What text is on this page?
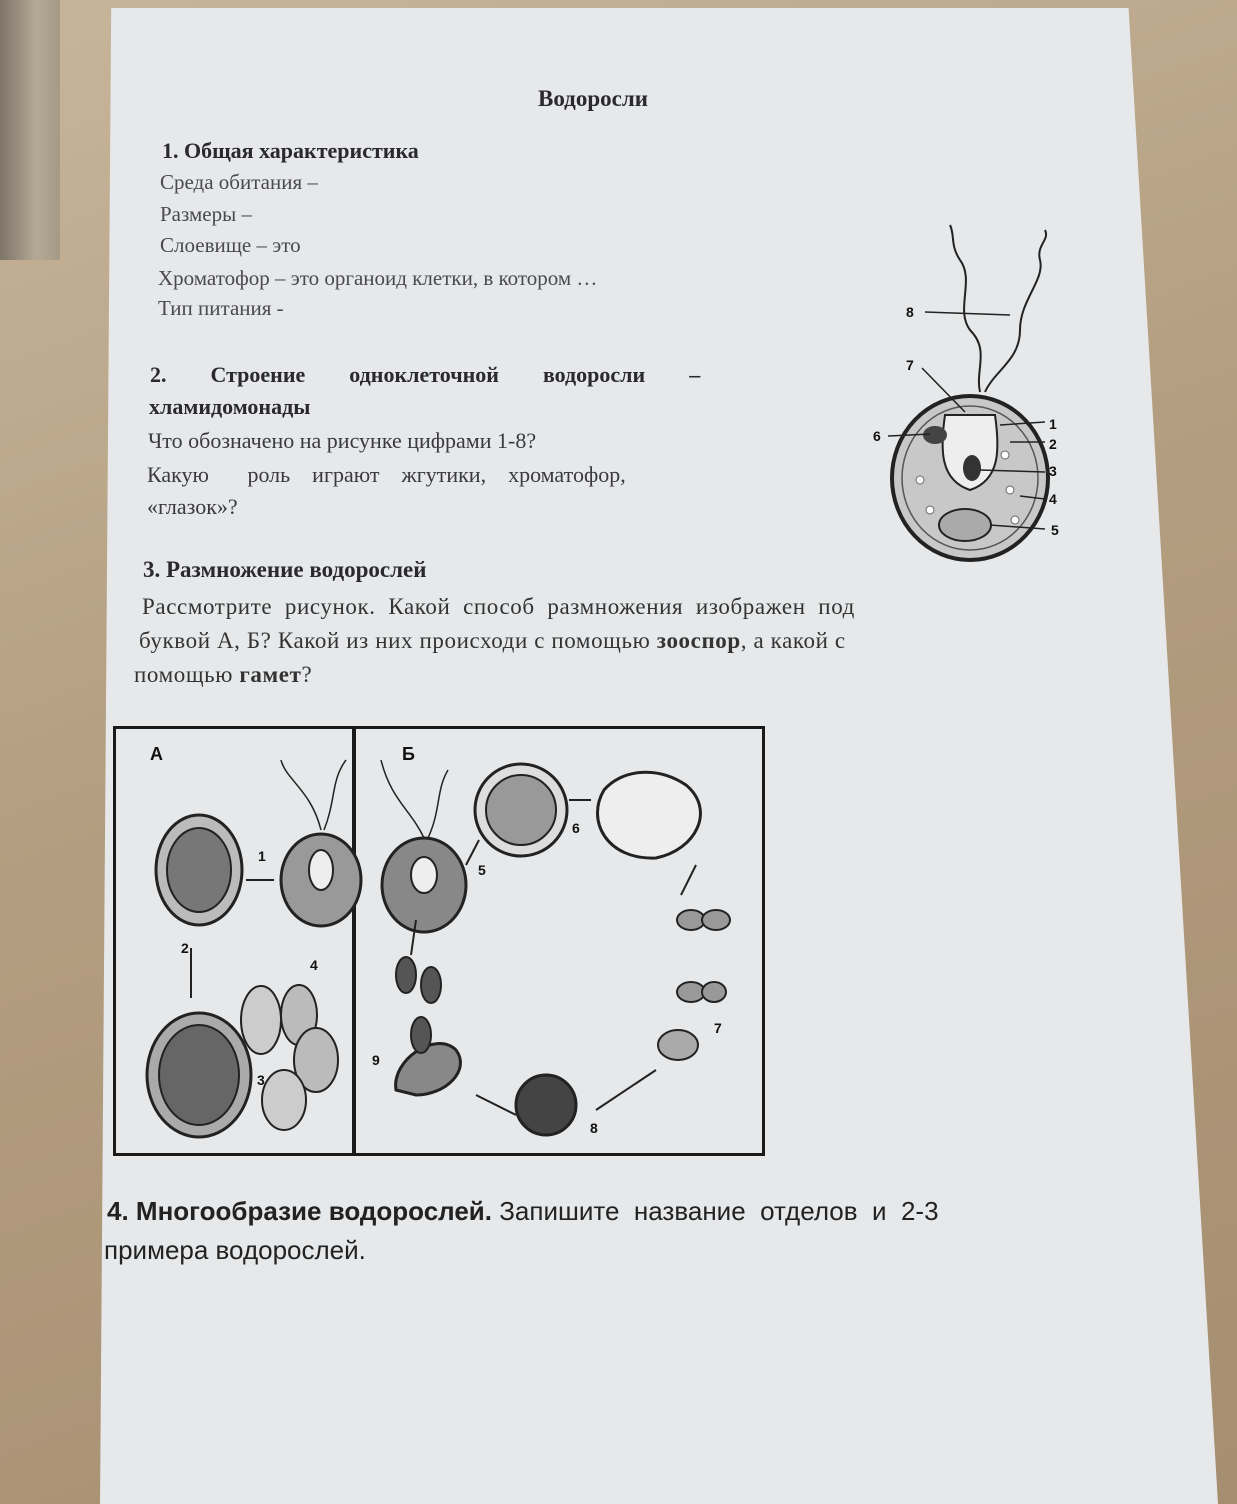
Водоросли
1. Общая характеристика
Среда обитания –
Размеры –
Слоевище – это
Хроматофор – это органоид клетки, в котором …
Тип питания -
2.        Строение        одноклеточной        водоросли        –
хламидомонады
Что обозначено на рисунке цифрами 1-8?
Какую       роль    играют    жгутики,    хроматофор,
«глазок»?
1
2
3
4
5
6
7
8
3. Размножение водорослей
Рассмотрите  рисунок.  Какой  способ  размножения  изображен  под
буквой А, Б? Какой из них происходи с помощью зооспор, а какой с
помощью гамет?
А	Б
1
2
3
4
5
6
7
8
9
4. Многообразие водорослей. Запишите  название  отделов  и  2-3
примера водорослей.
